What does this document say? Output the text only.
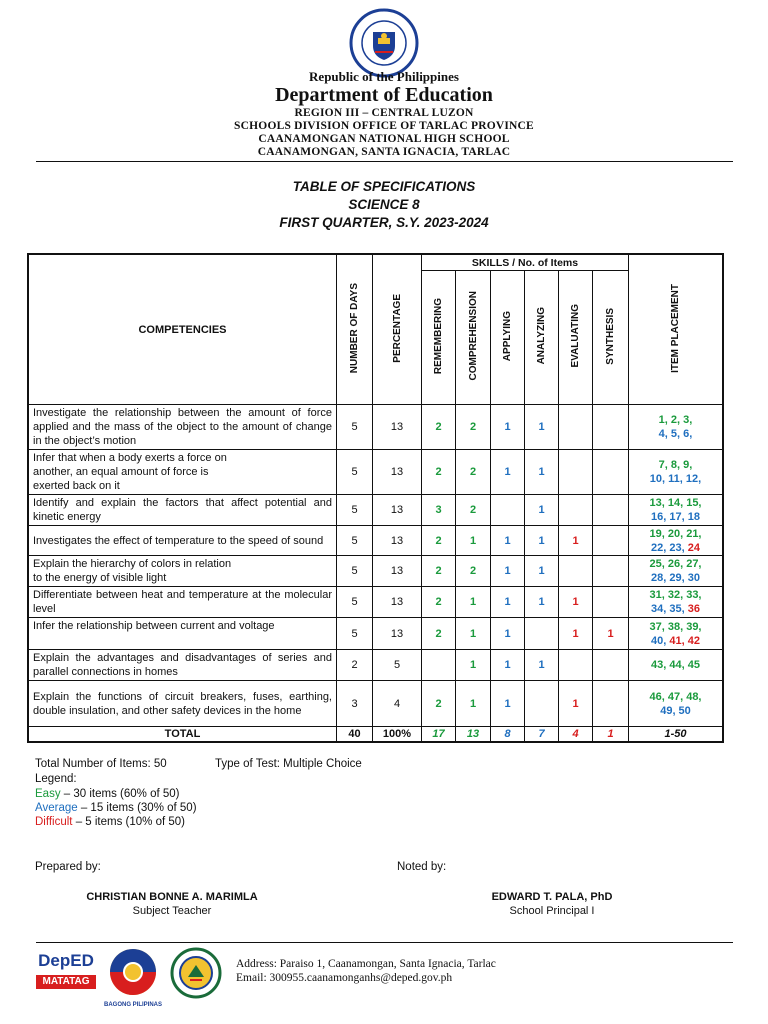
Republic of the Philippines
Department of Education
REGION III – CENTRAL LUZON
SCHOOLS DIVISION OFFICE OF TARLAC PROVINCE
CAANAMONGAN NATIONAL HIGH SCHOOL
CAANAMONGAN, SANTA IGNACIA, TARLAC
TABLE OF SPECIFICATIONS
SCIENCE 8
FIRST QUARTER, S.Y. 2023-2024
COMPETENCIES	NUMBER OF DAYS	PERCENTAGE	SKILLS / No. of Items						ITEM PLACEMENT
			REMEMBERING	COMPREHENSION	APPLYING	ANALYZING	EVALUATING	SYNTHESIS	
Investigate the relationship between the amount of force applied and the mass of the object to the amount of change in the object’s motion	5	13	2	2	1	1			1, 2, 3,
4, 5, 6,
Infer that when a body exerts a force on
another, an equal amount of force is
exerted back on it	5	13	2	2	1	1			7, 8, 9,
10, 11, 12,
Identify and explain the factors that affect potential and kinetic energy	5	13	3	2		1			13, 14, 15,
16, 17, 18
Investigates the effect of temperature to the speed of sound	5	13	2	1	1	1	1		19, 20, 21,
22, 23, 24
Explain the hierarchy of colors in relation
to the energy of visible light	5	13	2	2	1	1			25, 26, 27,
28, 29, 30
Differentiate between heat and temperature at the molecular level	5	13	2	1	1	1	1		31, 32, 33,
34, 35, 36
Infer the relationship between current and voltage	5	13	2	1	1		1	1	37, 38, 39,
40, 41, 42
Explain the advantages and disadvantages of series and parallel connections in homes	2	5		1	1	1			43, 44, 45

Explain the functions of circuit breakers, fuses, earthing, double insulation, and other safety devices in the home	3	4	2	1	1		1		46, 47, 48,
49, 50
TOTAL	40	100%	17	13	8	7	4	1	1-50
Total Number of Items: 50	Type of Test: Multiple Choice
Legend:
Easy – 30 items (60% of 50)
Average – 15 items (30% of 50)
Difficult – 5 items (10% of 50)
Prepared by:	Noted by:
CHRISTIAN BONNE A. MARIMLA
Subject Teacher
EDWARD T. PALA, PhD
School Principal I
DepED
MATATAG
BAGONG PILIPINAS
Address: Paraiso 1, Caanamongan, Santa Ignacia, Tarlac
Email: 300955.caanamonganhs@deped.gov.ph
